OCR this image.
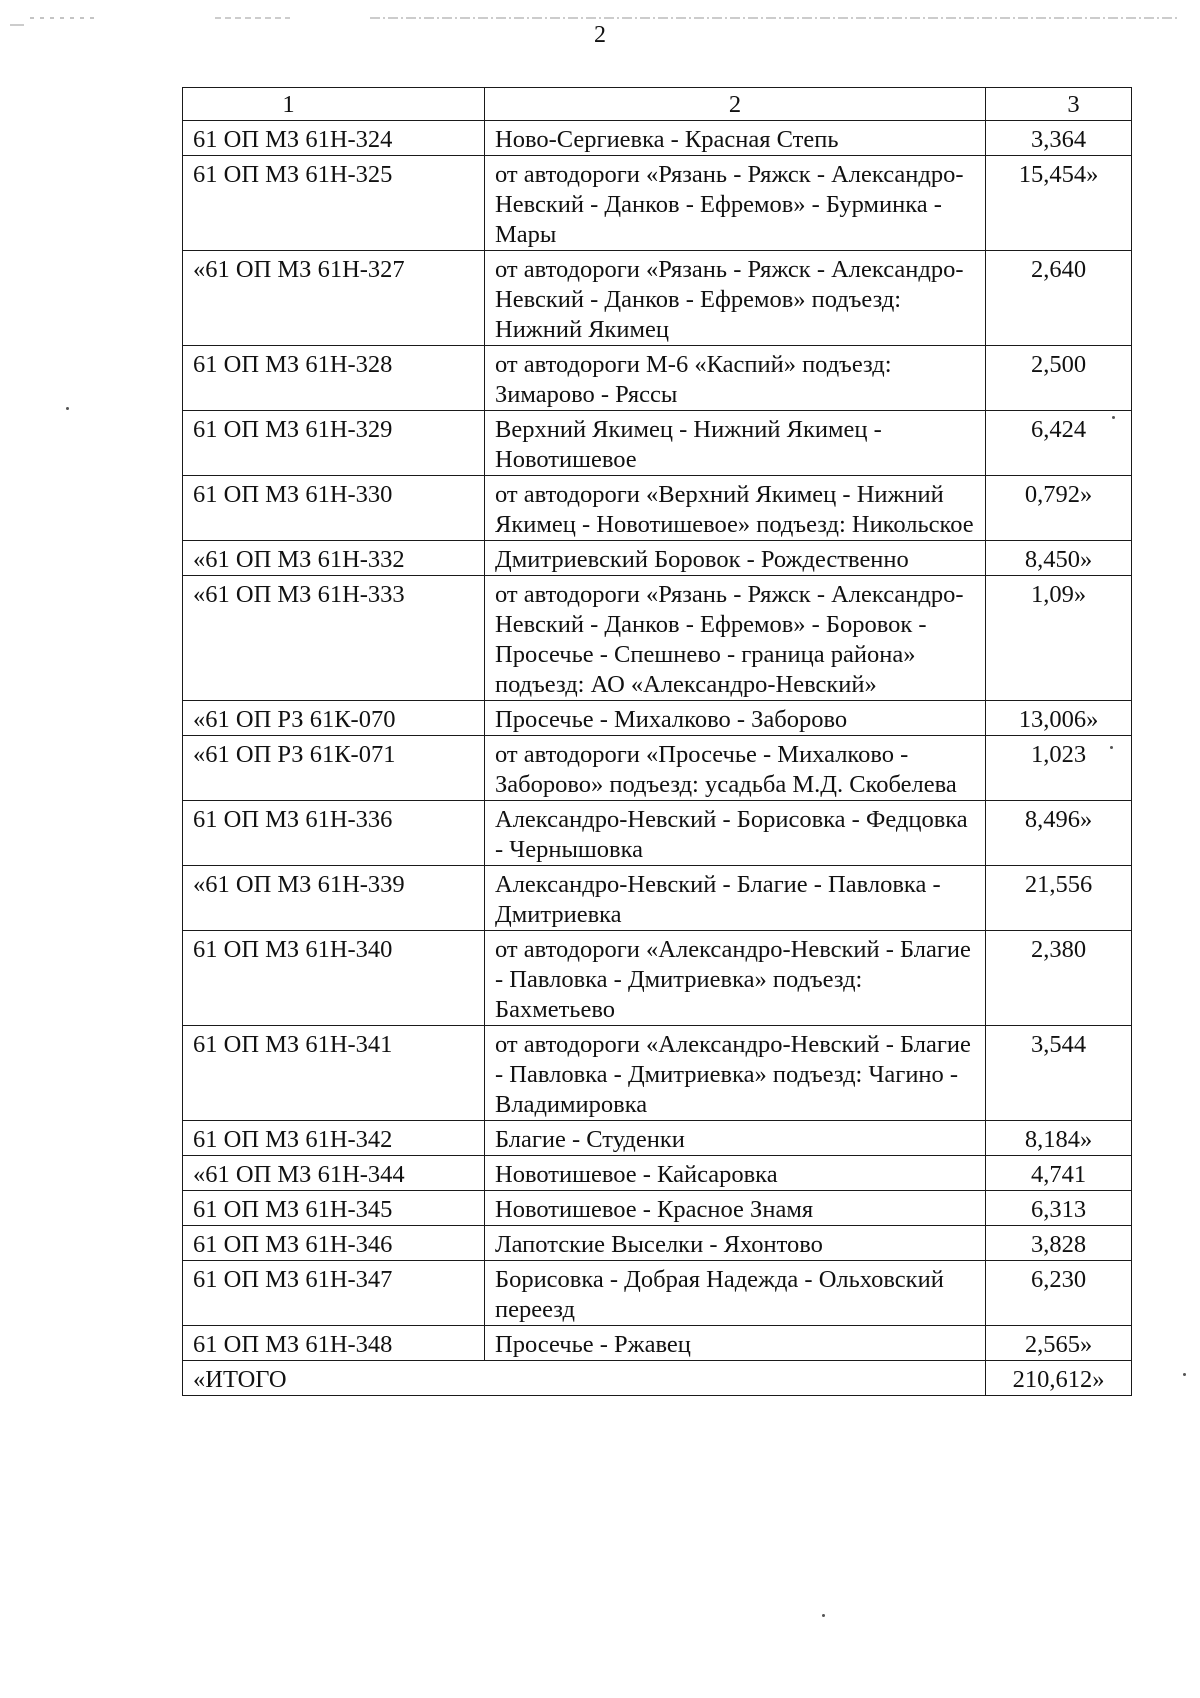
2
1	2	3
61 ОП МЗ 61Н-324	Ново-Сергиевка - Красная Степь	3,364
61 ОП МЗ 61Н-325	от автодороги «Рязань - Ряжск - Александро-Невский - Данков - Ефремов» - Бурминка - Мары	15,454»
«61 ОП МЗ 61Н-327	от автодороги «Рязань - Ряжск - Александро-Невский - Данков - Ефремов» подъезд: Нижний Якимец	2,640
61 ОП МЗ 61Н-328	от автодороги М-6 «Каспий» подъезд: Зимарово - Ряссы	2,500
61 ОП МЗ 61Н-329	Верхний Якимец - Нижний Якимец - Новотишевое	6,424
61 ОП МЗ 61Н-330	от автодороги «Верхний Якимец - Нижний Якимец - Новотишевое» подъезд: Никольское	0,792»
«61 ОП МЗ 61Н-332	Дмитриевский Боровок - Рождественно	8,450»
«61 ОП МЗ 61Н-333	от автодороги «Рязань - Ряжск - Александро-Невский - Данков - Ефремов» - Боровок - Просечье - Спешнево - граница района» подъезд: АО «Александро-Невский»	1,09»
«61 ОП РЗ 61К-070	Просечье - Михалково - Заборово	13,006»
«61 ОП РЗ 61К-071	от автодороги «Просечье - Михалково - Заборово» подъезд: усадьба М.Д. Скобелева	1,023
61 ОП МЗ 61Н-336	Александро-Невский - Борисовка - Федцовка - Чернышовка	8,496»
«61 ОП МЗ 61Н-339	Александро-Невский - Благие - Павловка - Дмитриевка	21,556
61 ОП МЗ 61Н-340	от автодороги «Александро-Невский - Благие - Павловка - Дмитриевка» подъезд: Бахметьево	2,380
61 ОП МЗ 61Н-341	от автодороги «Александро-Невский - Благие - Павловка - Дмитриевка» подъезд: Чагино - Владимировка	3,544
61 ОП МЗ 61Н-342	Благие - Студенки	8,184»
«61 ОП МЗ 61Н-344	Новотишевое - Кайсаровка	4,741
61 ОП МЗ 61Н-345	Новотишевое - Красное Знамя	6,313
61 ОП МЗ 61Н-346	Лапотские Выселки - Яхонтово	3,828
61 ОП МЗ 61Н-347	Борисовка - Добрая Надежда - Ольховский переезд	6,230
61 ОП МЗ 61Н-348	Просечье - Ржавец	2,565»
«ИТОГО		210,612»
